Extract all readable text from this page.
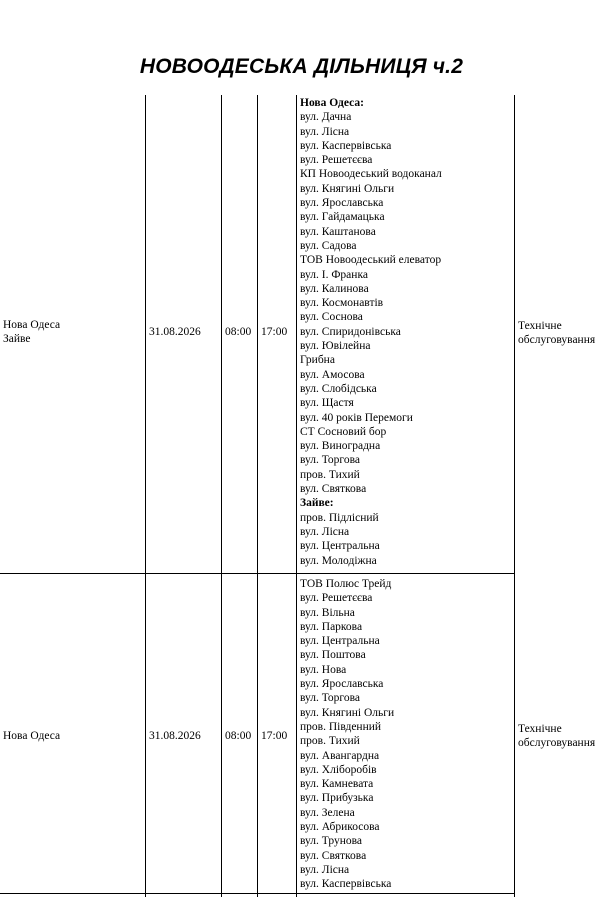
НОВООДЕСЬКА ДІЛЬНИЦЯ ч.2
Нова Одеса
Зайве
31.08.2026 08:00 17:00
Нова Одеса:
вул. Дачна
вул. Лісна
вул. Каспервівська
вул. Решетєєва
КП Новоодеський водоканал
вул. Княгині Ольги
вул. Ярославська
вул. Гайдамацька
вул. Каштанова
вул. Садова
ТОВ Новоодеський елеватор
вул. І. Франка
вул. Калинова
вул. Космонавтів
вул. Соснова
вул. Спиридонівська
вул. Ювілейна
Грибна
вул. Амосова
вул. Слобідська
вул. Щастя
вул. 40 років Перемоги
СТ Сосновий бор
вул. Виноградна
вул. Торгова
пров. Тихий
вул. Святкова
Зайве:
пров. Підлісний
вул. Лісна
вул. Центральна
вул. Молодіжна
Технічне
обслуговування
Нова Одеса	31.08.2026 08:00 17:00
ТОВ Полюс Трейд
вул. Решетєєва
вул. Вільна
вул. Паркова
вул. Центральна
вул. Поштова
вул. Нова
вул. Ярославська
вул. Торгова
вул. Княгині Ольги
пров. Південний
пров. Тихий
вул. Авангардна
вул. Хліборобів
вул. Камневата
вул. Прибузька
вул. Зелена
вул. Абрикосова
вул. Трунова
вул. Святкова
вул. Лісна
вул. Каспервівська
Технічне
обслуговування
